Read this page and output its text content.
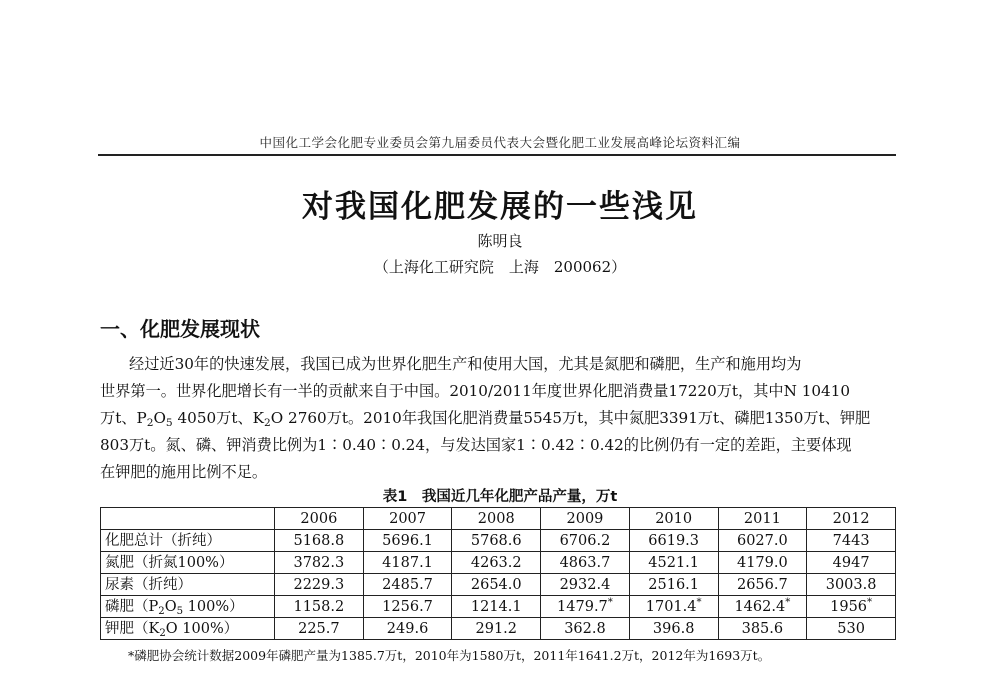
中国化工学会化肥专业委员会第九届委员代表大会暨化肥工业发展高峰论坛资料汇编
对我国化肥发展的一些浅见
陈明良
（上海化工研究院　上海　200062）
一、化肥发展现状
经过近30年的快速发展，我国已成为世界化肥生产和使用大国，尤其是氮肥和磷肥，生产和施用均为
世界第一。世界化肥增长有一半的贡献来自于中国。2010/2011年度世界化肥消费量17220万t，其中N 10410
万t、$P_2O_5$ 4050万t、$K_2O$ 2760万t。2010年我国化肥消费量5545万t，其中氮肥3391万t、磷肥1350万t、钾肥
803万t。氮、磷、钾消费比例为1∶0.40∶0.24，与发达国家1∶0.42∶0.42的比例仍有一定的差距，主要体现
在钾肥的施用比例不足。
表1　我国近几年化肥产品产量，万t
	2006	2007	2008	2009	2010	2011	2012
化肥总计（折纯）	5168.8	5696.1	5768.6	6706.2	6619.3	6027.0	7443
氮肥（折氮100%）	3782.3	4187.1	4263.2	4863.7	4521.1	4179.0	4947
尿素（折纯）	2229.3	2485.7	2654.0	2932.4	2516.1	2656.7	3003.8
磷肥（$P_2O_5$ 100%）	1158.2	1256.7	1214.1	1479.7*	1701.4*	1462.4*	1956*
钾肥（$K_2O$ 100%）	225.7	249.6	291.2	362.8	396.8	385.6	530
*磷肥协会统计数据2009年磷肥产量为1385.7万t，2010年为1580万t，2011年1641.2万t，2012年为1693万t。
